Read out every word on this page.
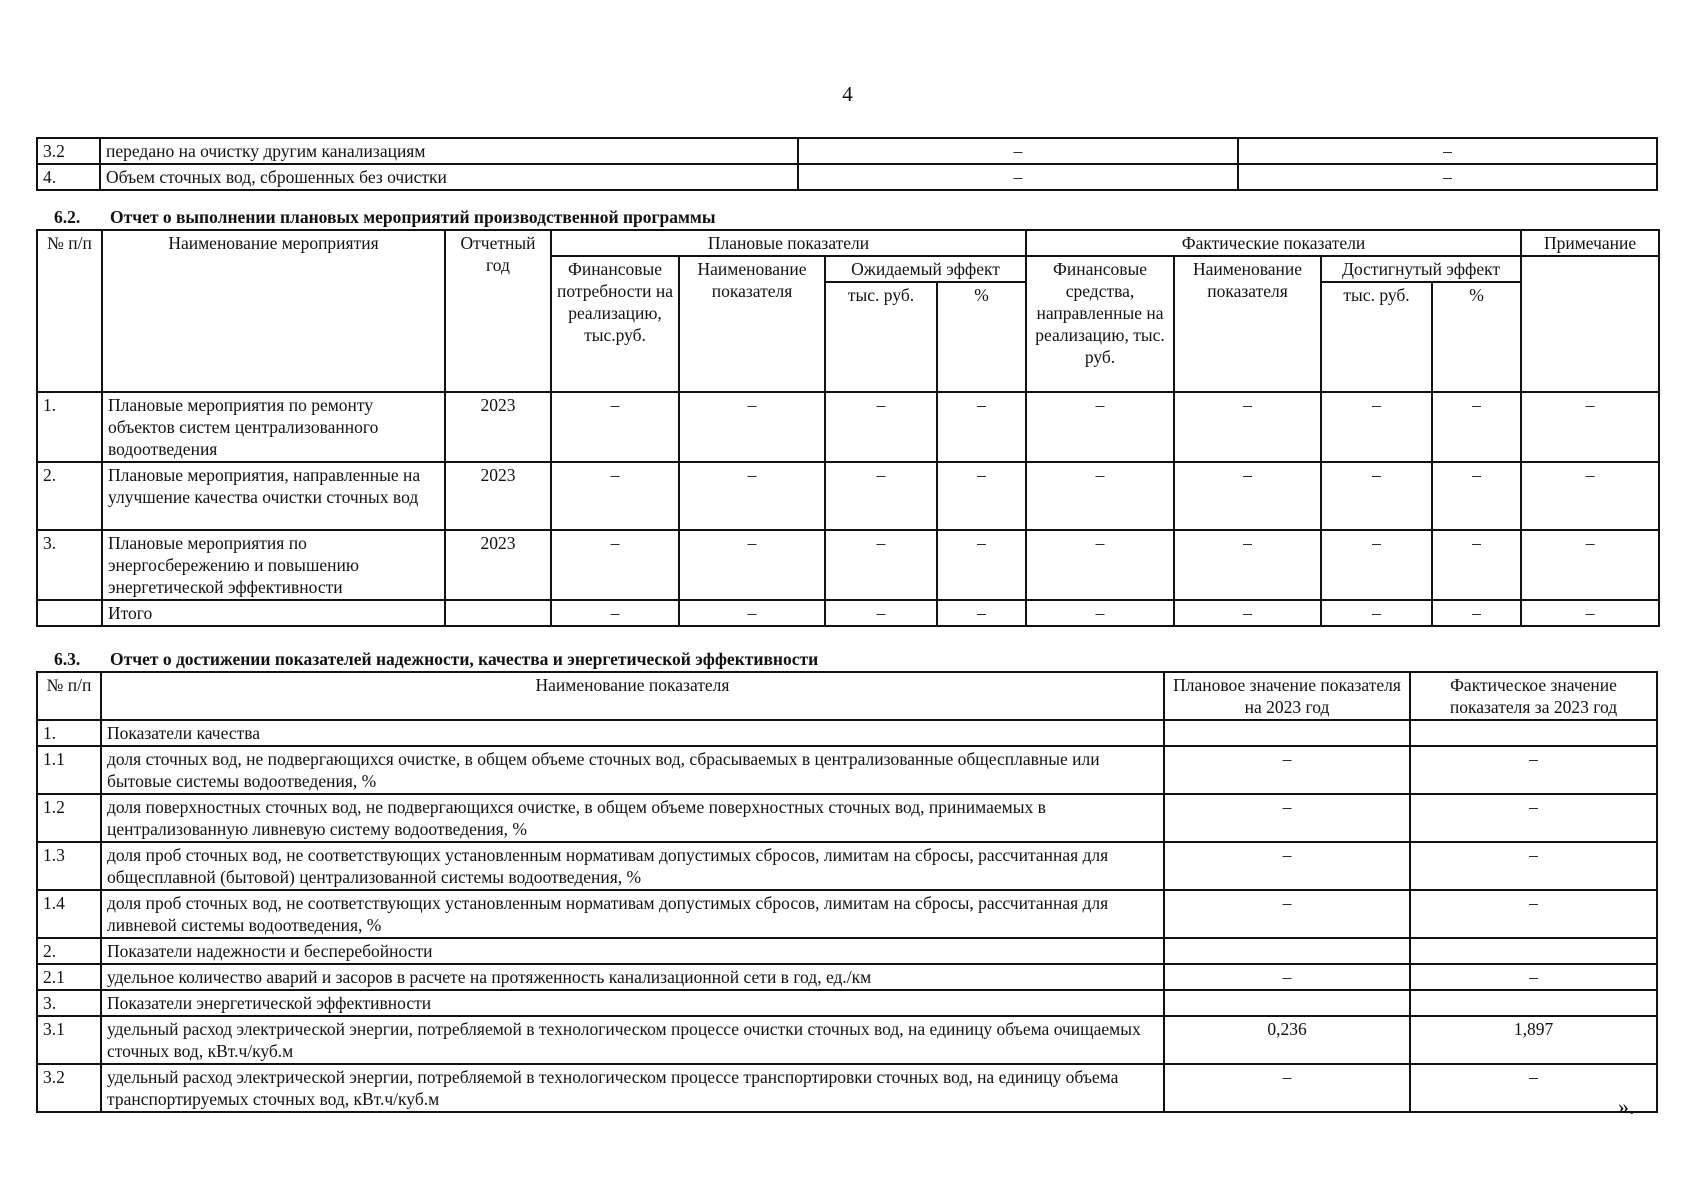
4
3.2	передано на очистку другим канализациям	–	–
4.	Объем сточных вод, сброшенных без очистки	–	–
6.2. Отчет о выполнении плановых мероприятий производственной программы
№ п/п	Наименование мероприятия	Отчетный год	Плановые показатели				Фактические показатели				Примечание
			Финансовые потребности на реализацию, тыс.руб.	Наименование показателя	Ожидаемый эффект		Финансовые средства, направленные на реализацию, тыс. руб.	Наименование показателя	Достигнутый эффект		
					тыс. руб.	%			тыс. руб.	%	
1.	Плановые мероприятия по ремонту объектов систем централизованного водоотведения	2023	–	–	–	–	–	–	–	–	–
2.	Плановые мероприятия, направленные на улучшение качества очистки сточных вод	2023	–	–	–	–	–	–	–	–	–
3.	Плановые мероприятия по энергосбережению и повышению энергетической эффективности	2023	–	–	–	–	–	–	–	–	–
	Итого		–	–	–	–	–	–	–	–	–
6.3. Отчет о достижении показателей надежности, качества и энергетической эффективности
№ п/п	Наименование показателя	Плановое значение показателя на 2023 год	Фактическое значение показателя за 2023 год
1.	Показатели качества		
1.1	доля сточных вод, не подвергающихся очистке, в общем объеме сточных вод, сбрасываемых в централизованные общесплавные или бытовые системы водоотведения, %	–	–
1.2	доля поверхностных сточных вод, не подвергающихся очистке, в общем объеме поверхностных сточных вод, принимаемых в централизованную ливневую систему водоотведения, %	–	–
1.3	доля проб сточных вод, не соответствующих установленным нормативам допустимых сбросов, лимитам на сбросы, рассчитанная для общесплавной (бытовой) централизованной системы водоотведения, %	–	–
1.4	доля проб сточных вод, не соответствующих установленным нормативам допустимых сбросов, лимитам на сбросы, рассчитанная для ливневой системы водоотведения, %	–	–
2.	Показатели надежности и бесперебойности		
2.1	удельное количество аварий и засоров в расчете на протяженность канализационной сети в год, ед./км	–	–
3.	Показатели энергетической эффективности		
3.1	удельный расход электрической энергии, потребляемой в технологическом процессе очистки сточных вод, на единицу объема очищаемых сточных вод, кВт.ч/куб.м	0,236	1,897
3.2	удельный расход электрической энергии, потребляемой в технологическом процессе транспортировки сточных вод, на единицу объема транспортируемых сточных вод, кВт.ч/куб.м	–	–
».
